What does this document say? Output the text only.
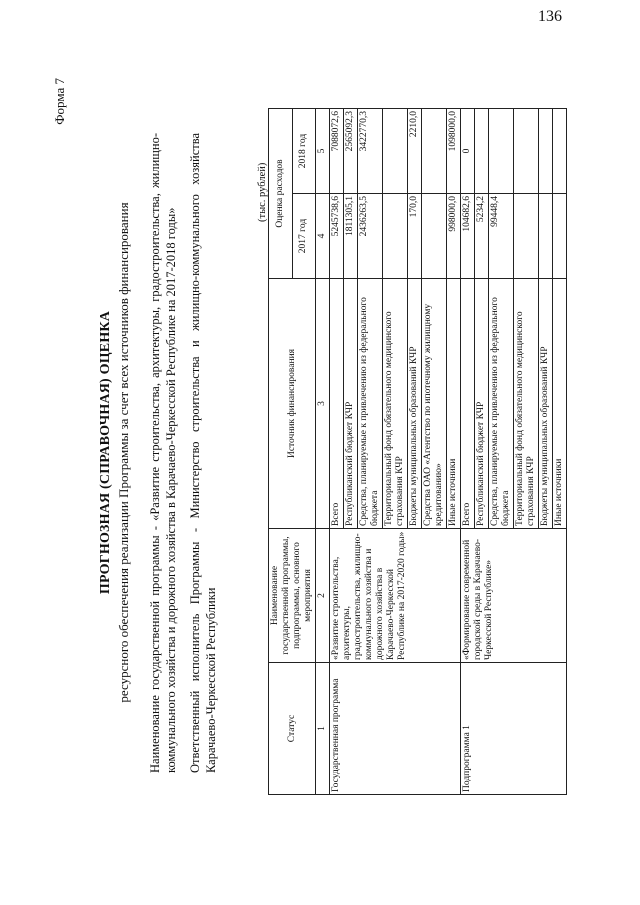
136
Форма 7
ПРОГНОЗНАЯ (СПРАВОЧНАЯ) ОЦЕНКА ресурсного обеспечения реализации Программы за счет всех источников финансирования Наименование государственной программы - «Развитие строительства, архитектуры, градостроительства, жилищно-коммунального хозяйства и дорожного хозяйства в Карачаево-Черкесской Республике на 2017-2018 годы» Ответственный исполнитель Программы - Министерство строительства и жилищно-коммунального хозяйства Карачаево-Черкесской Республики
(тыс. рублей)
Статус	Наименование государственной программы, подпрограммы, основного мероприятия	Источник финансирования	Оценка расходов	
			2017 год	2018 год
1	2	3	4	5
Государственная программа	«Развитие строительства, архитектуры, градостроительства, жилищно-коммунального хозяйства и дорожного хозяйства в Карачаево-Черкесской Республике на 2017-2020 годы»	Всего	5245738,6	7088072,6
		Республиканский бюджет КЧР	1811305,1	2565092,3
		Средства, планируемые к привлечению из федерального бюджета	2436263,5	3422770,3
		Территориальный фонд обязательного медицинского страхования КЧР		
		Бюджеты муниципальных образований КЧР	170,0	2210,0
		Средства ОАО «Агентство по ипотечному жилищному кредитованию»		
		Иные источники	998000,0	1098000,0
Подпрограмма 1	«Формирование современной городской среды в Карачаево-Черкесской Республике»	Всего	104682,6	0
		Республиканский бюджет КЧР	5234,2	
		Средства, планируемые к привлечению из федерального бюджета	99448,4	
		Территориальный фонд обязательного медицинского страхования КЧР		
		Бюджеты муниципальных образований КЧР		
		Иные источники		
